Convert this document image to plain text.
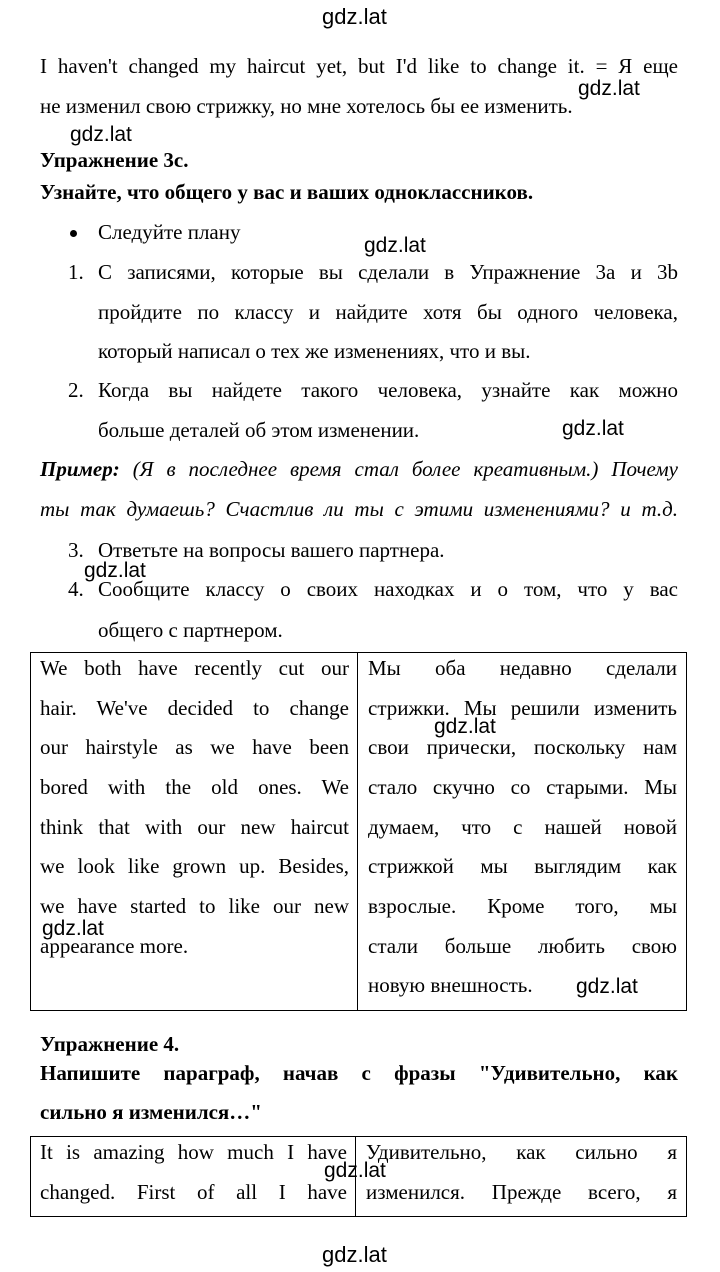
gdz.lat
gdz.lat
gdz.lat
gdz.lat
gdz.lat
gdz.lat
I haven't changed my haircut yet, but I'd like to change it. = Я еще
не изменил свою стрижку, но мне хотелось бы ее изменить.
Упражнение 3c.
Узнайте, что общего у вас и ваших одноклассников.
Следуйте плану
1. С записями, которые вы сделали в Упражнение 3a и 3b
пройдите по классу и найдите хотя бы одного человека,
который написал о тех же изменениях, что и вы.
2. Когда вы найдете такого человека, узнайте как можно
больше деталей об этом изменении.
Пример: (Я в последнее время стал более креативным.) Почему
ты так думаешь? Счастлив ли ты с этими изменениями? и т.д.
3. Ответьте на вопросы вашего партнера.
4. Сообщите классу о своих находках и о том, что у вас
общего с партнером.
We both have recently cut our
hair. We've decided to change
our hairstyle as we have been
bored with the old ones. We
think that with our new haircut
we look like grown up. Besides,
we have started to like our new
appearance more.
Мы оба недавно сделали
стрижки. Мы решили изменить
свои прически, поскольку нам
стало скучно со старыми. Мы
думаем, что с нашей новой
стрижкой мы выглядим как
взрослые. Кроме того, мы
стали больше любить свою
новую внешность.
gdz.lat
gdz.lat
gdz.lat
Упражнение 4.
Напишите параграф, начав с фразы "Удивительно, как
сильно я изменился…"
It is amazing how much I have
changed. First of all I have
Удивительно, как сильно я
изменился. Прежде всего, я
gdz.lat
gdz.lat
